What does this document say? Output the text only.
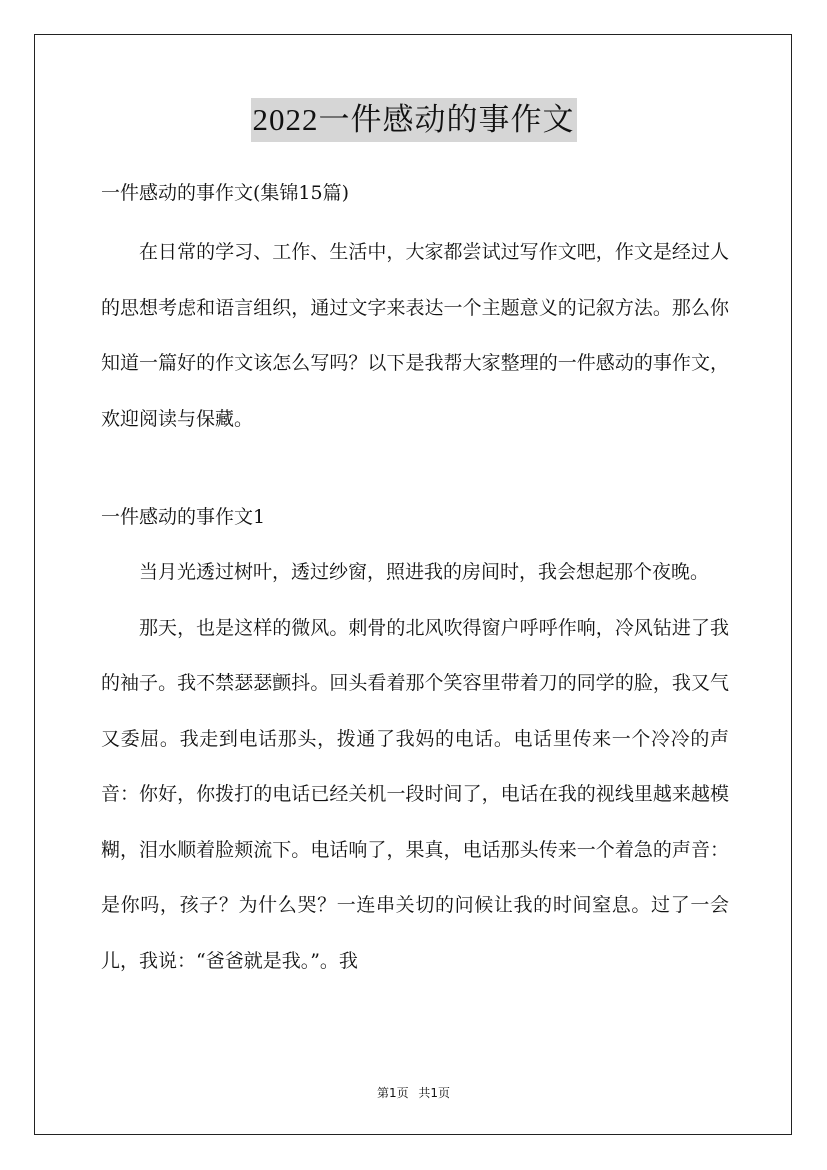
2022一件感动的事作文

一件感动的事作文(集锦15篇)

在日常的学习、工作、生活中，大家都尝试过写作文吧，作文是经过人的思想考虑和语言组织，通过文字来表达一个主题意义的记叙方法。那么你知道一篇好的作文该怎么写吗？以下是我帮大家整理的一件感动的事作文，欢迎阅读与保藏。

一件感动的事作文1

当月光透过树叶，透过纱窗，照进我的房间时，我会想起那个夜晚。

那天，也是这样的微风。刺骨的北风吹得窗户呼呼作响，冷风钻进了我的袖子。我不禁瑟瑟颤抖。回头看着那个笑容里带着刀的同学的脸，我又气又委屈。我走到电话那头，拨通了我妈的电话。电话里传来一个冷冷的声音：你好，你拨打的电话已经关机一段时间了，电话在我的视线里越来越模糊，泪水顺着脸颊流下。电话响了，果真，电话那头传来一个着急的声音：是你吗，孩子？为什么哭？一连串关切的问候让我的时间窒息。过了一会儿，我说：“爸爸就是我。”。我

第1页 共1页
